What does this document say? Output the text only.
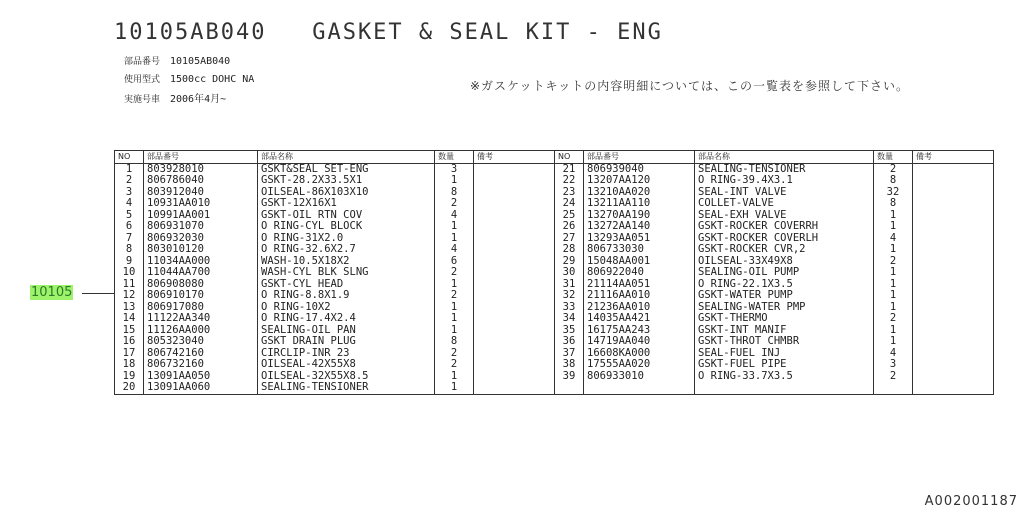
10105AB040 GASKET & SEAL KIT - ENG
部品番号 10105AB040
使用型式 1500cc DOHC NA
実施号車 2006年4月~
※ガスケットキットの内容明細については、この一覧表を参照して下さい。
NO	部品番号	部品名称	数量	備考	NO	部品番号	部品名称	数量	備考
1	803928010	GSKT&SEAL SET-ENG	3		21	806939040	SEALING-TENSIONER	2	
2	806786040	GSKT-28.2X33.5X1	1		22	13207AA120	O RING-39.4X3.1	8	
3	803912040	OILSEAL-86X103X10	8		23	13210AA020	SEAL-INT VALVE	32	
4	10931AA010	GSKT-12X16X1	2		24	13211AA110	COLLET-VALVE	8	
5	10991AA001	GSKT-OIL RTN COV	4		25	13270AA190	SEAL-EXH VALVE	1	
6	806931070	O RING-CYL BLOCK	1		26	13272AA140	GSKT-ROCKER COVERRH	1	
7	806932030	O RING-31X2.0	1		27	13293AA051	GSKT-ROCKER COVERLH	4	
8	803010120	O RING-32.6X2.7	4		28	806733030	GSKT-ROCKER CVR,2	1	
9	11034AA000	WASH-10.5X18X2	6		29	15048AA001	OILSEAL-33X49X8	2	
10	11044AA700	WASH-CYL BLK SLNG	2		30	806922040	SEALING-OIL PUMP	1	
11	806908080	GSKT-CYL HEAD	1		31	21114AA051	O RING-22.1X3.5	1	
12	806910170	O RING-8.8X1.9	2		32	21116AA010	GSKT-WATER PUMP	1	
13	806917080	O RING-10X2	1		33	21236AA010	SEALING-WATER PMP	1	
14	11122AA340	O RING-17.4X2.4	1		34	14035AA421	GSKT-THERMO	2	
15	11126AA000	SEALING-OIL PAN	1		35	16175AA243	GSKT-INT MANIF	1	
16	805323040	GSKT DRAIN PLUG	8		36	14719AA040	GSKT-THROT CHMBR	1	
17	806742160	CIRCLIP-INR 23	2		37	16608KA000	SEAL-FUEL INJ	4	
18	806732160	OILSEAL-42X55X8	2		38	17555AA020	GSKT-FUEL PIPE	3	
19	13091AA050	OILSEAL-32X55X8.5	1		39	806933010	O RING-33.7X3.5	2	
20	13091AA060	SEALING-TENSIONER	1						
10105
A002001187
